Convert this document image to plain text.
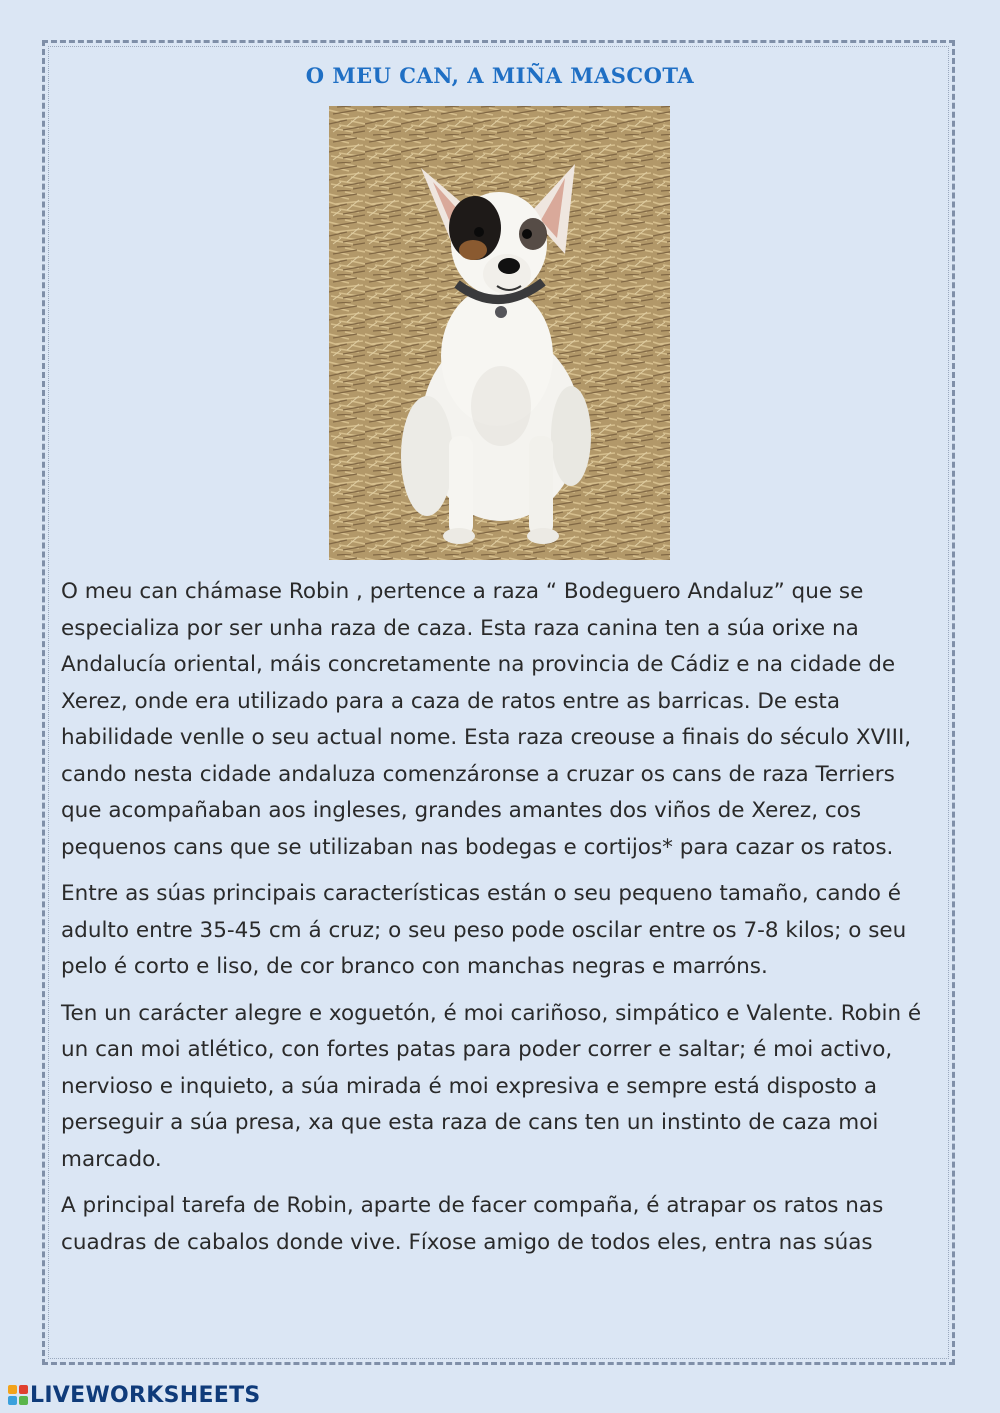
O MEU CAN, A MIÑA MASCOTA

O meu can chámase Robin , pertence a raza “ Bodeguero Andaluz” que se especializa por ser unha raza de caza. Esta raza canina ten a súa orixe na Andalucía oriental, máis concretamente na provincia de Cádiz e na cidade de Xerez, onde era utilizado para a caza de ratos entre as barricas. De esta habilidade venlle o seu actual nome. Esta raza creouse a finais do século XVIII, cando nesta cidade andaluza comenzáronse a cruzar os cans de raza Terriers que acompañaban aos ingleses, grandes amantes dos viños de Xerez, cos pequenos cans que se utilizaban nas bodegas e cortijos* para cazar os ratos.

Entre as súas principais características están o seu pequeno tamaño, cando é adulto entre 35-45 cm á cruz; o seu peso pode oscilar entre os 7-8 kilos; o seu pelo é corto e liso, de cor branco con manchas negras e marróns.

Ten un carácter alegre e xoguetón, é moi cariñoso, simpático e Valente. Robin é un can moi atlético, con fortes patas para poder correr e saltar; é moi activo, nervioso e inquieto, a súa mirada é moi expresiva e sempre está disposto a perseguir a súa presa, xa que esta raza de cans ten un instinto de caza moi marcado.

A principal tarefa de Robin, aparte de facer compaña, é atrapar os ratos nas cuadras de cabalos donde vive. Fíxose amigo de todos eles, entra nas súas

LIVEWORKSHEETS
